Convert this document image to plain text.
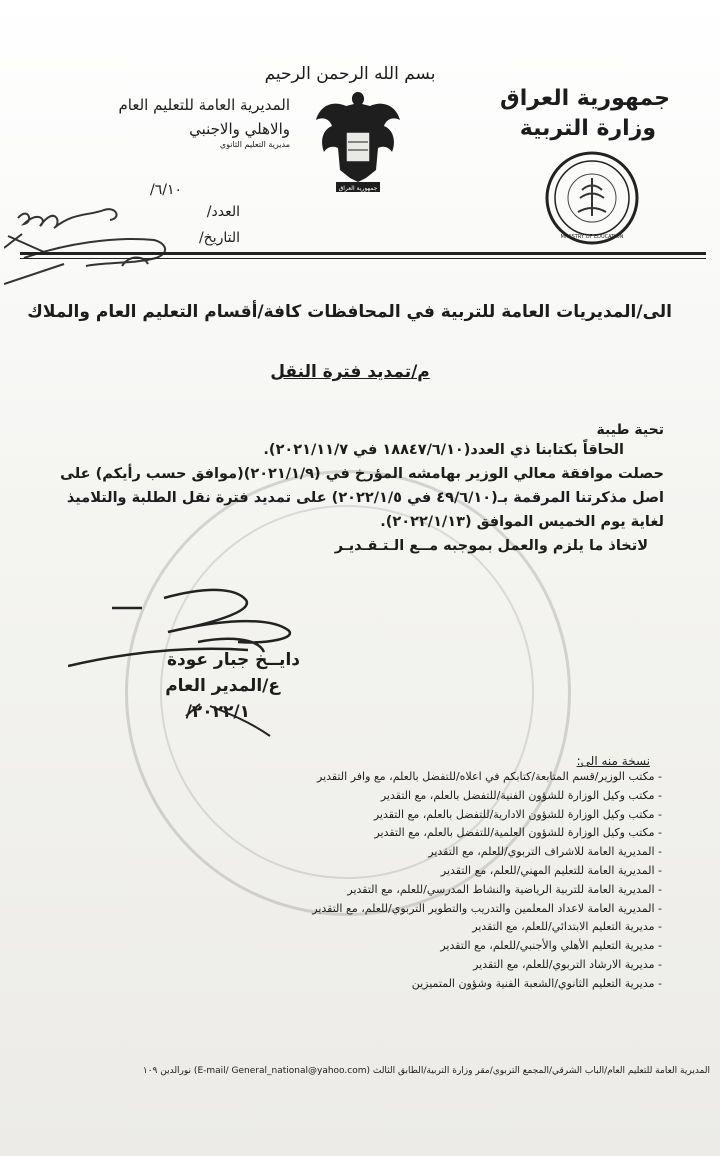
بسم الله الرحمن الرحيم
جمهورية العراق
وزارة التربية
المديرية العامة للتعليم العام
والاهلي والاجنبي
مديرية التعليم الثانوي
جمهورية العراق
MINISTRY OF EDUCATION
٦/١٠/
العدد/
التاريخ/
الى/المديريات العامة للتربية في المحافظات كافة/أقسام التعليم العام والملاك
م/تمديد فترة النقل
تحية طيبة
الحاقاً بكتابنا ذي العدد(١٨٨٤٧/٦/١٠ في ٢٠٢١/١١/٧).
حصلت موافقة معالي الوزير بهامشه المؤرخ في (٢٠٢١/١/٩)(موافق حسب رأيكم) على
اصل مذكرتنا المرقمة بـ(٤٩/٦/١٠ في ٢٠٢٢/١/٥) على تمديد فترة نقل الطلبة والتلاميذ
لغاية يوم الخميس الموافق (٢٠٢٢/١/١٣).
لاتخاذ ما يلزم والعمل بموجبه مــع الـتـقـديـر
دايــخ جبار عودة
ع/المدير العام
٢٠٢٢/١/
نسخة منه الى:
- مكتب الوزير/قسم المتابعة/كتابكم في اعلاه/للتفضل بالعلم، مع وافر التقدير
- مكتب وكيل الوزارة للشؤون الفنية/للتفضل بالعلم، مع التقدير
- مكتب وكيل الوزارة للشؤون الادارية/للتفضل بالعلم، مع التقدير
- مكتب وكيل الوزارة للشؤون العلمية/للتفضل بالعلم، مع التقدير
- المديرية العامة للاشراف التربوي/للعلم، مع التقدير
- المديرية العامة للتعليم المهني/للعلم، مع التقدير
- المديرية العامة للتربية الرياضية والنشاط المدرسي/للعلم، مع التقدير
- المديرية العامة لاعداد المعلمين والتدريب والتطوير التربوي/للعلم، مع التقدير
- مديرية التعليم الابتدائي/للعلم، مع التقدير
- مديرية التعليم الأهلي والأجنبي/للعلم، مع التقدير
- مديرية الارشاد التربوي/للعلم، مع التقدير
- مديرية التعليم الثانوي/الشعبة الفنية وشؤون المتميزين
المديرية العامة للتعليم العام/الباب الشرقي/المجمع التربوي/مقر وزارة التربية/الطابق الثالث (E-mail/ General_national@yahoo.com) نورالدين ١٠٩
